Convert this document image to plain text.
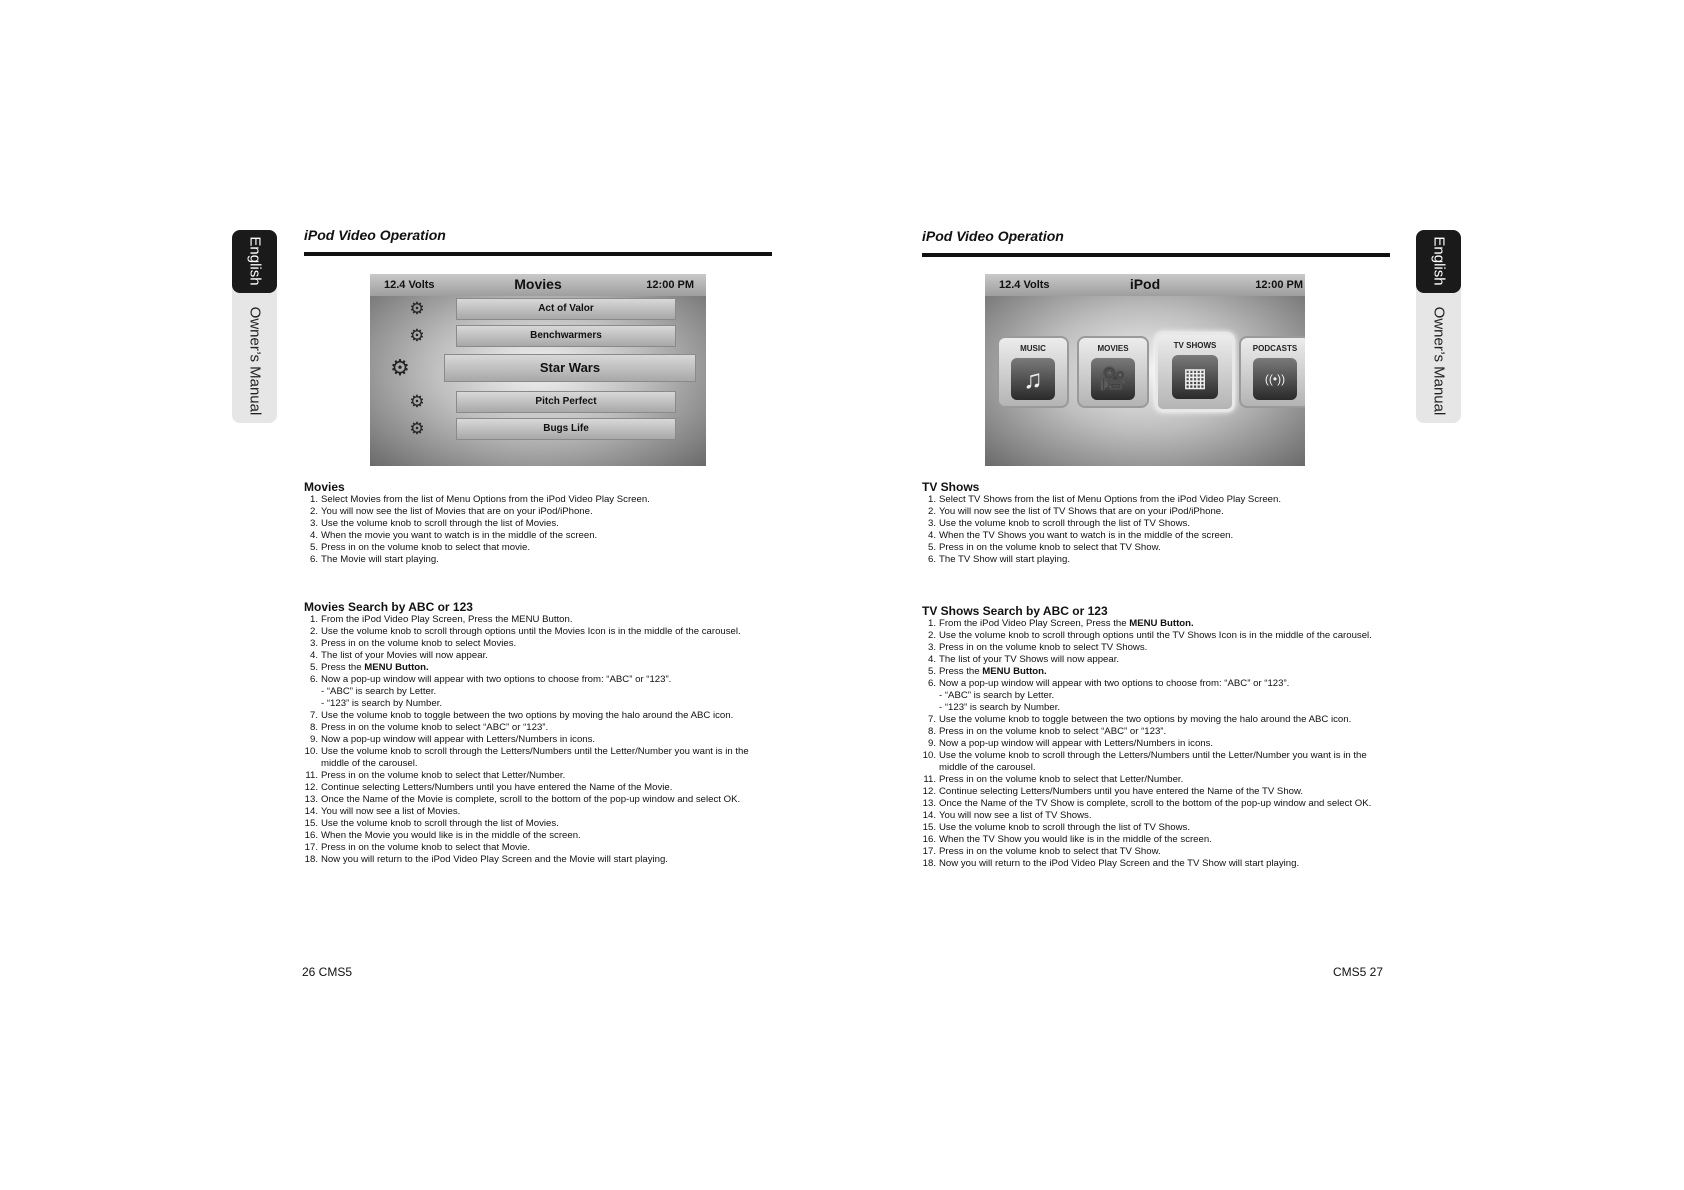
Owner’s Manual
English
iPod Video Operation
12.4 Volts	Movies	12:00 PM
⚙	Act of Valor
⚙	Benchwarmers
⚙	Star Wars
⚙	Pitch Perfect
⚙	Bugs Life
Movies
1. Select Movies from the list of Menu Options from the iPod Video Play Screen.
2. You will now see the list of Movies that are on your iPod/iPhone.
3. Use the volume knob to scroll through the list of Movies.
4. When the movie you want to watch is in the middle of the screen.
5. Press in on the volume knob to select that movie.
6. The Movie will start playing.
Movies Search by ABC or 123
1. From the iPod Video Play Screen, Press the MENU Button.
2. Use the volume knob to scroll through options until the Movies Icon is in the middle of the carousel.
3. Press in on the volume knob to select Movies.
4. The list of your Movies will now appear.
5. Press the MENU Button.
6. Now a pop-up window will appear with two options to choose from: “ABC” or “123”.
- “ABC” is search by Letter.
- “123” is search by Number.
7. Use the volume knob to toggle between the two options by moving the halo around the ABC icon.
8. Press in on the volume knob to select “ABC” or “123”.
9. Now a pop-up window will appear with Letters/Numbers in icons.
10. Use the volume knob to scroll through the Letters/Numbers until the Letter/Number you want is in the
middle of the carousel.
11. Press in on the volume knob to select that Letter/Number.
12. Continue selecting Letters/Numbers until you have entered the Name of the Movie.
13. Once the Name of the Movie is complete, scroll to the bottom of the pop-up window and select OK.
14. You will now see a list of Movies.
15. Use the volume knob to scroll through the list of Movies.
16. When the Movie you would like is in the middle of the screen.
17. Press in on the volume knob to select that Movie.
18. Now you will return to the iPod Video Play Screen and the Movie will start playing.
26 CMS5
Owner’s Manual
English
iPod Video Operation
12.4 Volts	iPod	12:00 PM
MUSIC
♫
MOVIES
🎥
TV SHOWS
▦
PODCASTS
((•))
TV Shows
1. Select TV Shows from the list of Menu Options from the iPod Video Play Screen.
2. You will now see the list of TV Shows that are on your iPod/iPhone.
3. Use the volume knob to scroll through the list of TV Shows.
4. When the TV Shows you want to watch is in the middle of the screen.
5. Press in on the volume knob to select that TV Show.
6. The TV Show will start playing.
TV Shows Search by ABC or 123
1. From the iPod Video Play Screen, Press the MENU Button.
2. Use the volume knob to scroll through options until the TV Shows Icon is in the middle of the carousel.
3. Press in on the volume knob to select TV Shows.
4. The list of your TV Shows will now appear.
5. Press the MENU Button.
6. Now a pop-up window will appear with two options to choose from: “ABC” or “123”.
- “ABC” is search by Letter.
- “123” is search by Number.
7. Use the volume knob to toggle between the two options by moving the halo around the ABC icon.
8. Press in on the volume knob to select “ABC” or “123”.
9. Now a pop-up window will appear with Letters/Numbers in icons.
10. Use the volume knob to scroll through the Letters/Numbers until the Letter/Number you want is in the
middle of the carousel.
11. Press in on the volume knob to select that Letter/Number.
12. Continue selecting Letters/Numbers until you have entered the Name of the TV Show.
13. Once the Name of the TV Show is complete, scroll to the bottom of the pop-up window and select OK.
14. You will now see a list of TV Shows.
15. Use the volume knob to scroll through the list of TV Shows.
16. When the TV Show you would like is in the middle of the screen.
17. Press in on the volume knob to select that TV Show.
18. Now you will return to the iPod Video Play Screen and the TV Show will start playing.
CMS5 27
